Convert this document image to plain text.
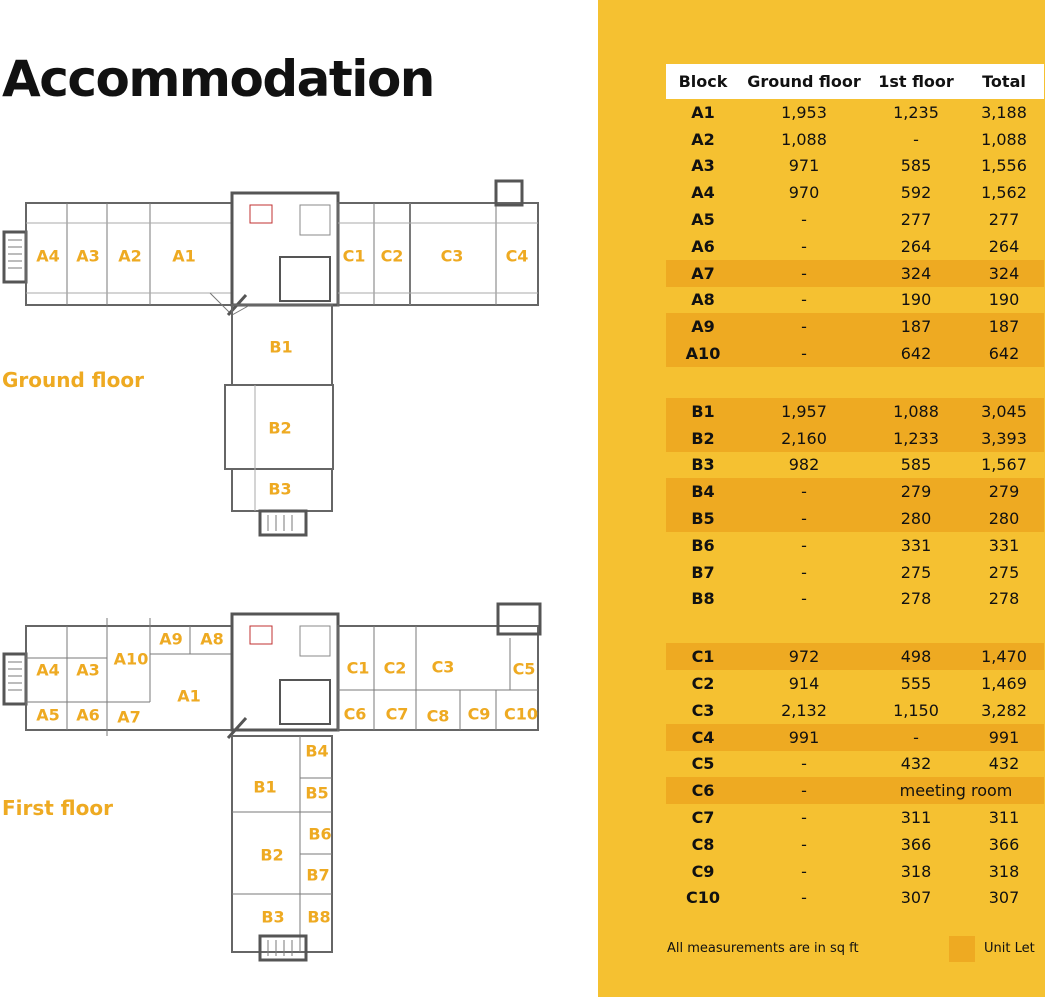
Accommodation
Ground floor
A4 A3 A2 A1	C1 C2 C3	C4
B1
B2
B3
First floor
A9 A8
A10
A4 A3
A1
A5 A6 A7
C1 C2 C3	C5
C6 C7 C8 C9 C10
B4
B1 B5
B6
B2
B7
B3 B8
Block	Ground floor	1st floor	Total
A1	1,953	1,235	3,188
A2	1,088	-	1,088
A3	971	585	1,556
A4	970	592	1,562
A5	-	277	277
A6	-	264	264
A7	-	324	324
A8	-	190	190
A9	-	187	187
A10	-	642	642

B1	1,957	1,088	3,045
B2	2,160	1,233	3,393
B3	982	585	1,567
B4	-	279	279
B5	-	280	280
B6	-	331	331
B7	-	275	275
B8	-	278	278

C1	972	498	1,470
C2	914	555	1,469
C3	2,132	1,150	3,282
C4	991	-	991
C5	-	432	432
C6	-	meeting room	
C7	-	311	311
C8	-	366	366
C9	-	318	318
C10	-	307	307
All measurements are in sq ft	Unit Let
